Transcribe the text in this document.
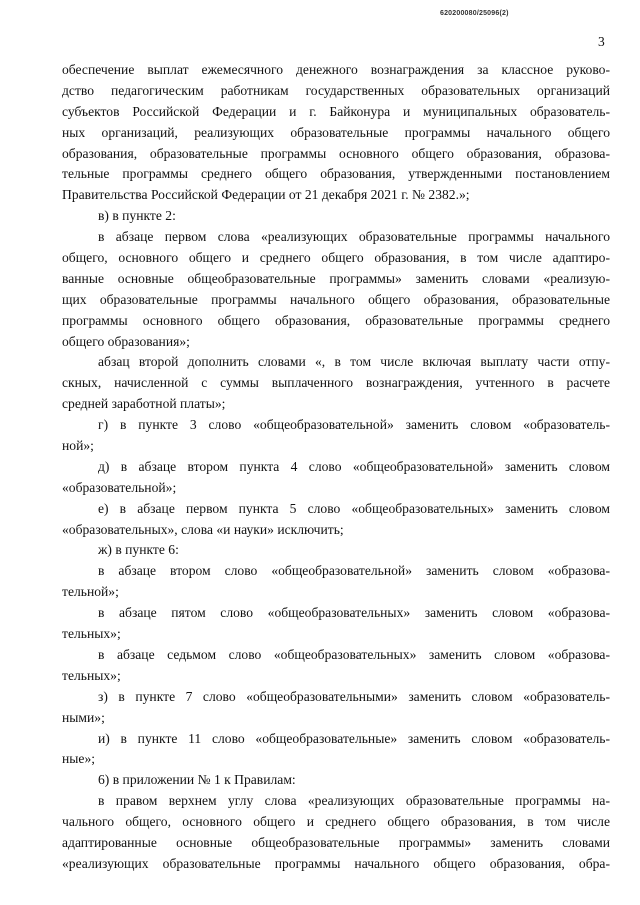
620200080/25096(2)
3
обеспечение выплат ежемесячного денежного вознаграждения за классное руково-
дство педагогическим работникам государственных образовательных организаций
субъектов Российской Федерации и г. Байконура и муниципальных образователь-
ных организаций, реализующих образовательные программы начального общего
образования, образовательные программы основного общего образования, образова-
тельные программы среднего общего образования, утвержденными постановлением
Правительства Российской Федерации от 21 декабря 2021 г. № 2382.»;
в) в пункте 2:
в абзаце первом слова «реализующих образовательные программы начального
общего, основного общего и среднего общего образования, в том числе адаптиро-
ванные основные общеобразовательные программы» заменить словами «реализую-
щих образовательные программы начального общего образования, образовательные
программы основного общего образования, образовательные программы среднего
общего образования»;
абзац второй дополнить словами «, в том числе включая выплату части отпу-
скных, начисленной с суммы выплаченного вознаграждения, учтенного в расчете
средней заработной платы»;
г) в пункте 3 слово «общеобразовательной» заменить словом «образователь-
ной»;
д) в абзаце втором пункта 4 слово «общеобразовательной» заменить словом
«образовательной»;
е) в абзаце первом пункта 5 слово «общеобразовательных» заменить словом
«образовательных», слова «и науки» исключить;
ж) в пункте 6:
в абзаце втором слово «общеобразовательной» заменить словом «образова-
тельной»;
в абзаце пятом слово «общеобразовательных» заменить словом «образова-
тельных»;
в абзаце седьмом слово «общеобразовательных» заменить словом «образова-
тельных»;
з) в пункте 7 слово «общеобразовательными» заменить словом «образователь-
ными»;
и) в пункте 11 слово «общеобразовательные» заменить словом «образователь-
ные»;
6) в приложении № 1 к Правилам:
в правом верхнем углу слова «реализующих образовательные программы на-
чального общего, основного общего и среднего общего образования, в том числе
адаптированные основные общеобразовательные программы» заменить словами
«реализующих образовательные программы начального общего образования, обра-
